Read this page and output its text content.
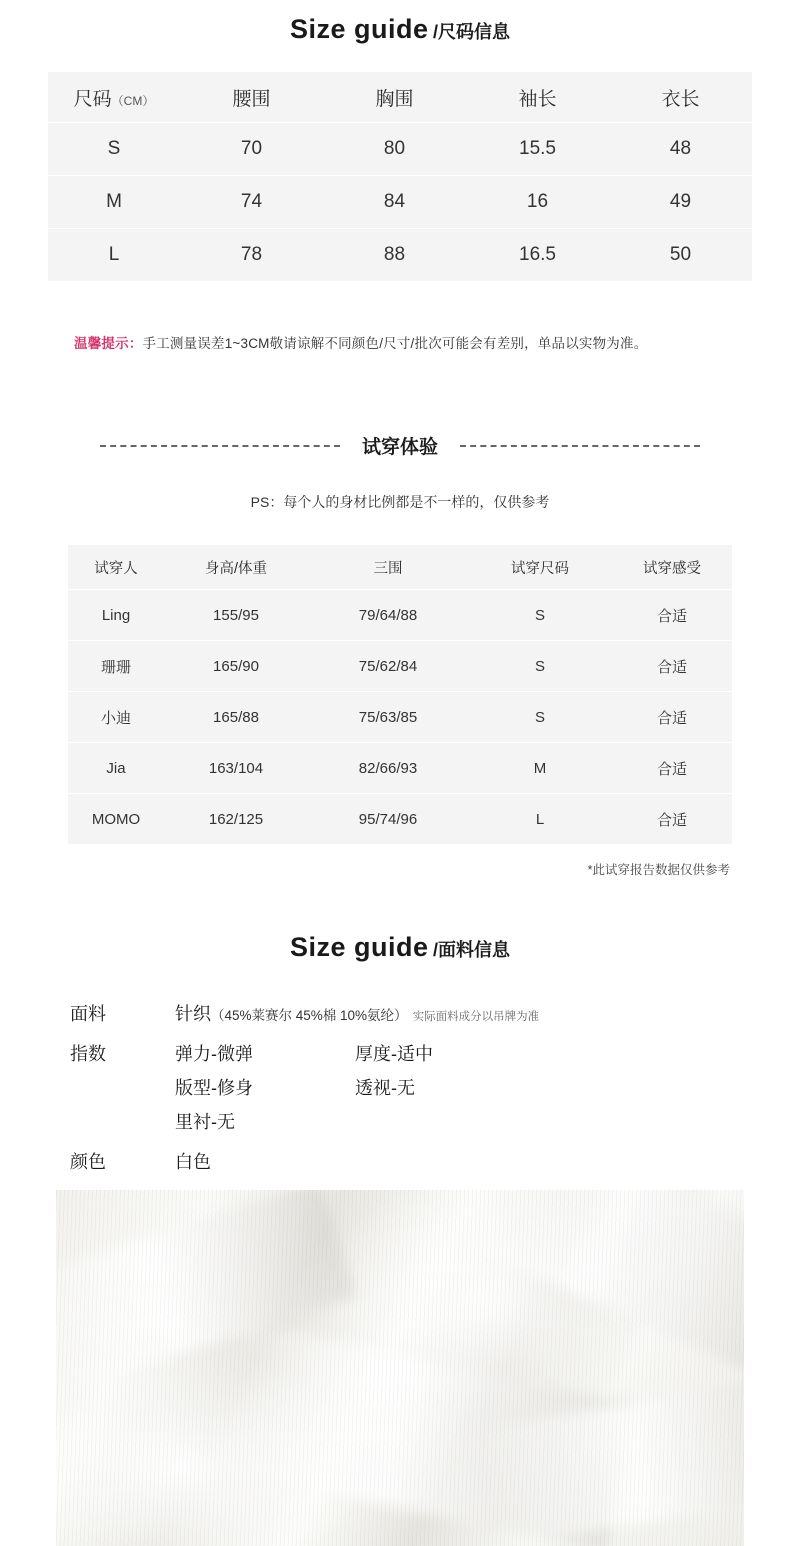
Size guide /尺码信息
尺码（CM）	腰围	胸围	袖长	衣长
S	70	80	15.5	48
M	74	84	16	49
L	78	88	16.5	50
温馨提示：手工测量误差1~3CM敬请谅解不同颜色/尺寸/批次可能会有差别，单品以实物为准。
试穿体验
PS：每个人的身材比例都是不一样的，仅供参考
试穿人	身高/体重	三围	试穿尺码	试穿感受
Ling	155/95	79/64/88	S	合适
珊珊	165/90	75/62/84	S	合适
小迪	165/88	75/63/85	S	合适
Jia	163/104	82/66/93	M	合适
MOMO	162/125	95/74/96	L	合适
*此试穿报告数据仅供参考
Size guide /面料信息
面料	针织（45%莱赛尔 45%棉 10%氨纶） 实际面料成分以吊牌为准
指数	弹力-微弹	厚度-适中
版型-修身	透视-无
里衬-无
颜色	白色
